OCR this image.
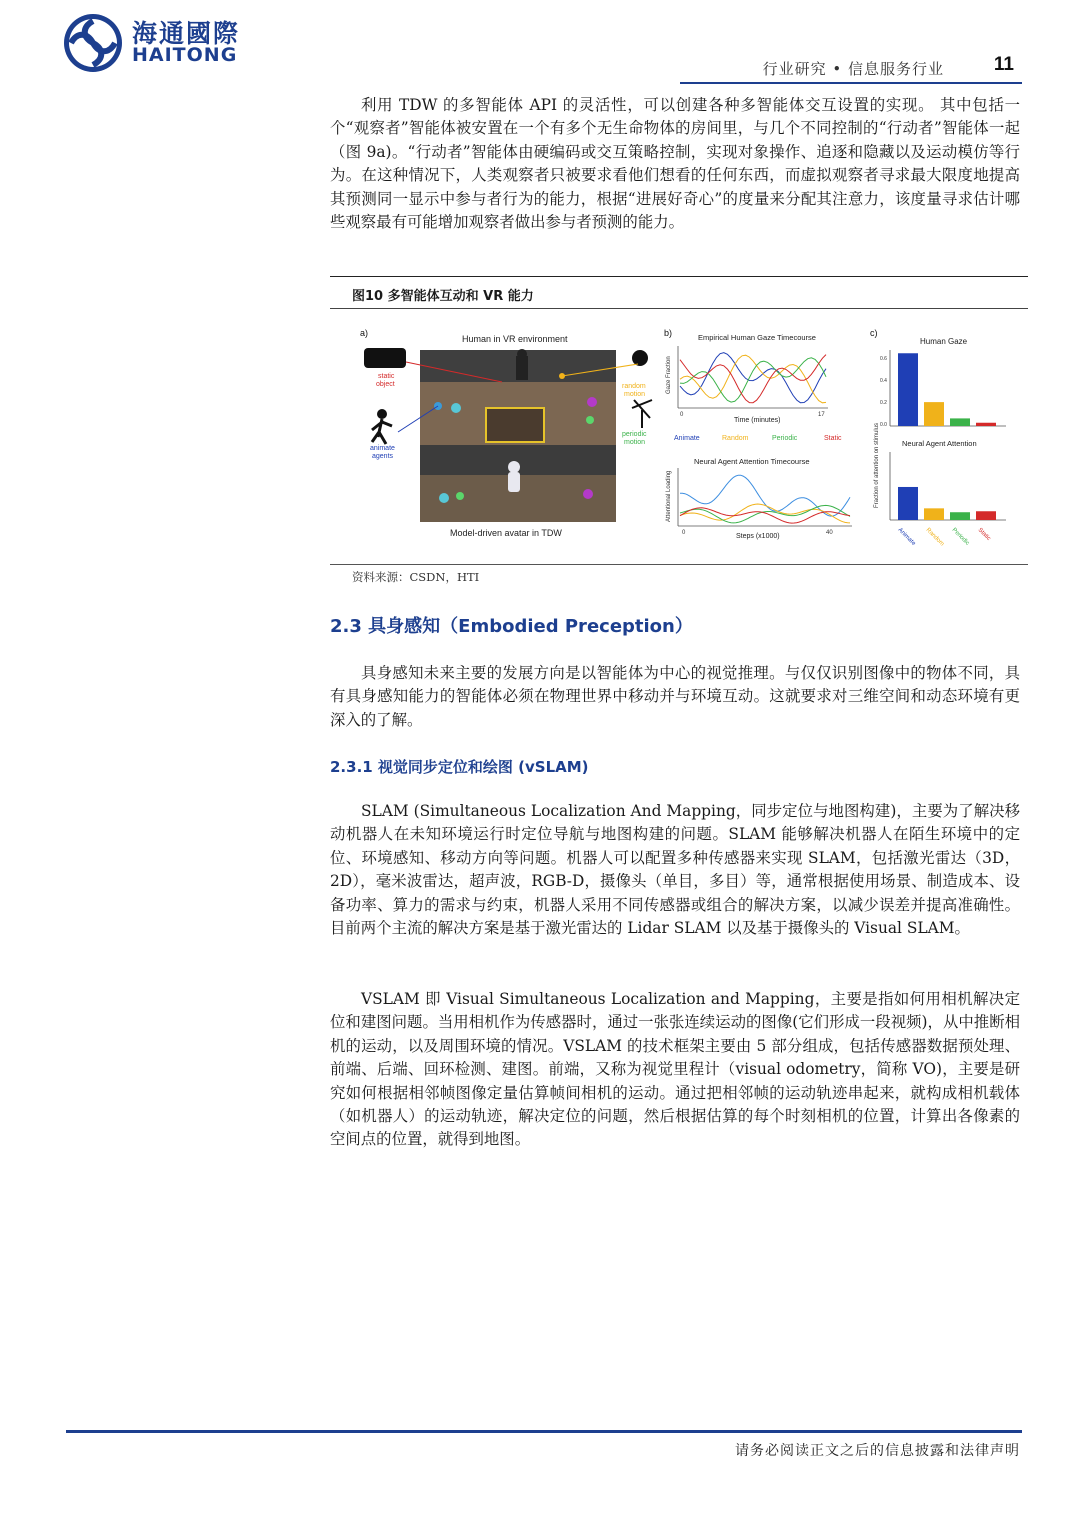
海通國際
HAITONG
行业研究 • 信息服务行业	11

利用 TDW 的多智能体 API 的灵活性，可以创建各种多智能体交互设置的实现。 其中包括一个“观察者”智能体被安置在一个有多个无生命物体的房间里，与几个不同控制的“行动者”智能体一起（图 9a)。“行动者”智能体由硬编码或交互策略控制，实现对象操作、追逐和隐藏以及运动模仿等行为。在这种情况下，人类观察者只被要求看他们想看的任何东西，而虚拟观察者寻求最大限度地提高其预测同一显示中参与者行为的能力，根据“进展好奇心”的度量来分配其注意力，该度量寻求估计哪些观察最有可能增加观察者做出参与者预测的能力。

图10 多智能体互动和 VR 能力
a)
Human in VR environment
Model-driven avatar in TDW
static
object
animate
agents
random
motion
periodic
motion
b)	Empirical Human Gaze Timecourse
Gaze Fraction
0	17
Time (minutes)
Animate	Random	Periodic	Static
Neural Agent Attention Timecourse
Attentional Loading
0	40
Steps (x1000)
c)
Fraction of attention on stimulus
Human Gaze
Neural Agent Attention
0.6
0.4
0.2
0.0
Animate Random Periodic Static
资料来源：CSDN，HTI
2.3 具身感知（Embodied Preception）

具身感知未来主要的发展方向是以智能体为中心的视觉推理。与仅仅识别图像中的物体不同，具有具身感知能力的智能体必须在物理世界中移动并与环境互动。这就要求对三维空间和动态环境有更深入的了解。

2.3.1 视觉同步定位和绘图 (vSLAM)

SLAM (Simultaneous Localization And Mapping，同步定位与地图构建)，主要为了解决移动机器人在未知环境运行时定位导航与地图构建的问题。SLAM 能够解决机器人在陌生环境中的定位、环境感知、移动方向等问题。机器人可以配置多种传感器来实现 SLAM，包括激光雷达（3D，2D），毫米波雷达，超声波，RGB-D，摄像头（单目，多目）等，通常根据使用场景、制造成本、设备功率、算力的需求与约束，机器人采用不同传感器或组合的解决方案，以减少误差并提高准确性。目前两个主流的解决方案是基于激光雷达的 Lidar SLAM 以及基于摄像头的 Visual SLAM。

VSLAM 即 Visual Simultaneous Localization and Mapping，主要是指如何用相机解决定位和建图问题。当用相机作为传感器时，通过一张张连续运动的图像(它们形成一段视频)，从中推断相机的运动，以及周围环境的情况。VSLAM 的技术框架主要由 5 部分组成，包括传感器数据预处理、前端、后端、回环检测、建图。前端，又称为视觉里程计（visual odometry，简称 VO)，主要是研究如何根据相邻帧图像定量估算帧间相机的运动。通过把相邻帧的运动轨迹串起来，就构成相机载体（如机器人）的运动轨迹，解决定位的问题，然后根据估算的每个时刻相机的位置，计算出各像素的空间点的位置，就得到地图。

请务必阅读正文之后的信息披露和法律声明
